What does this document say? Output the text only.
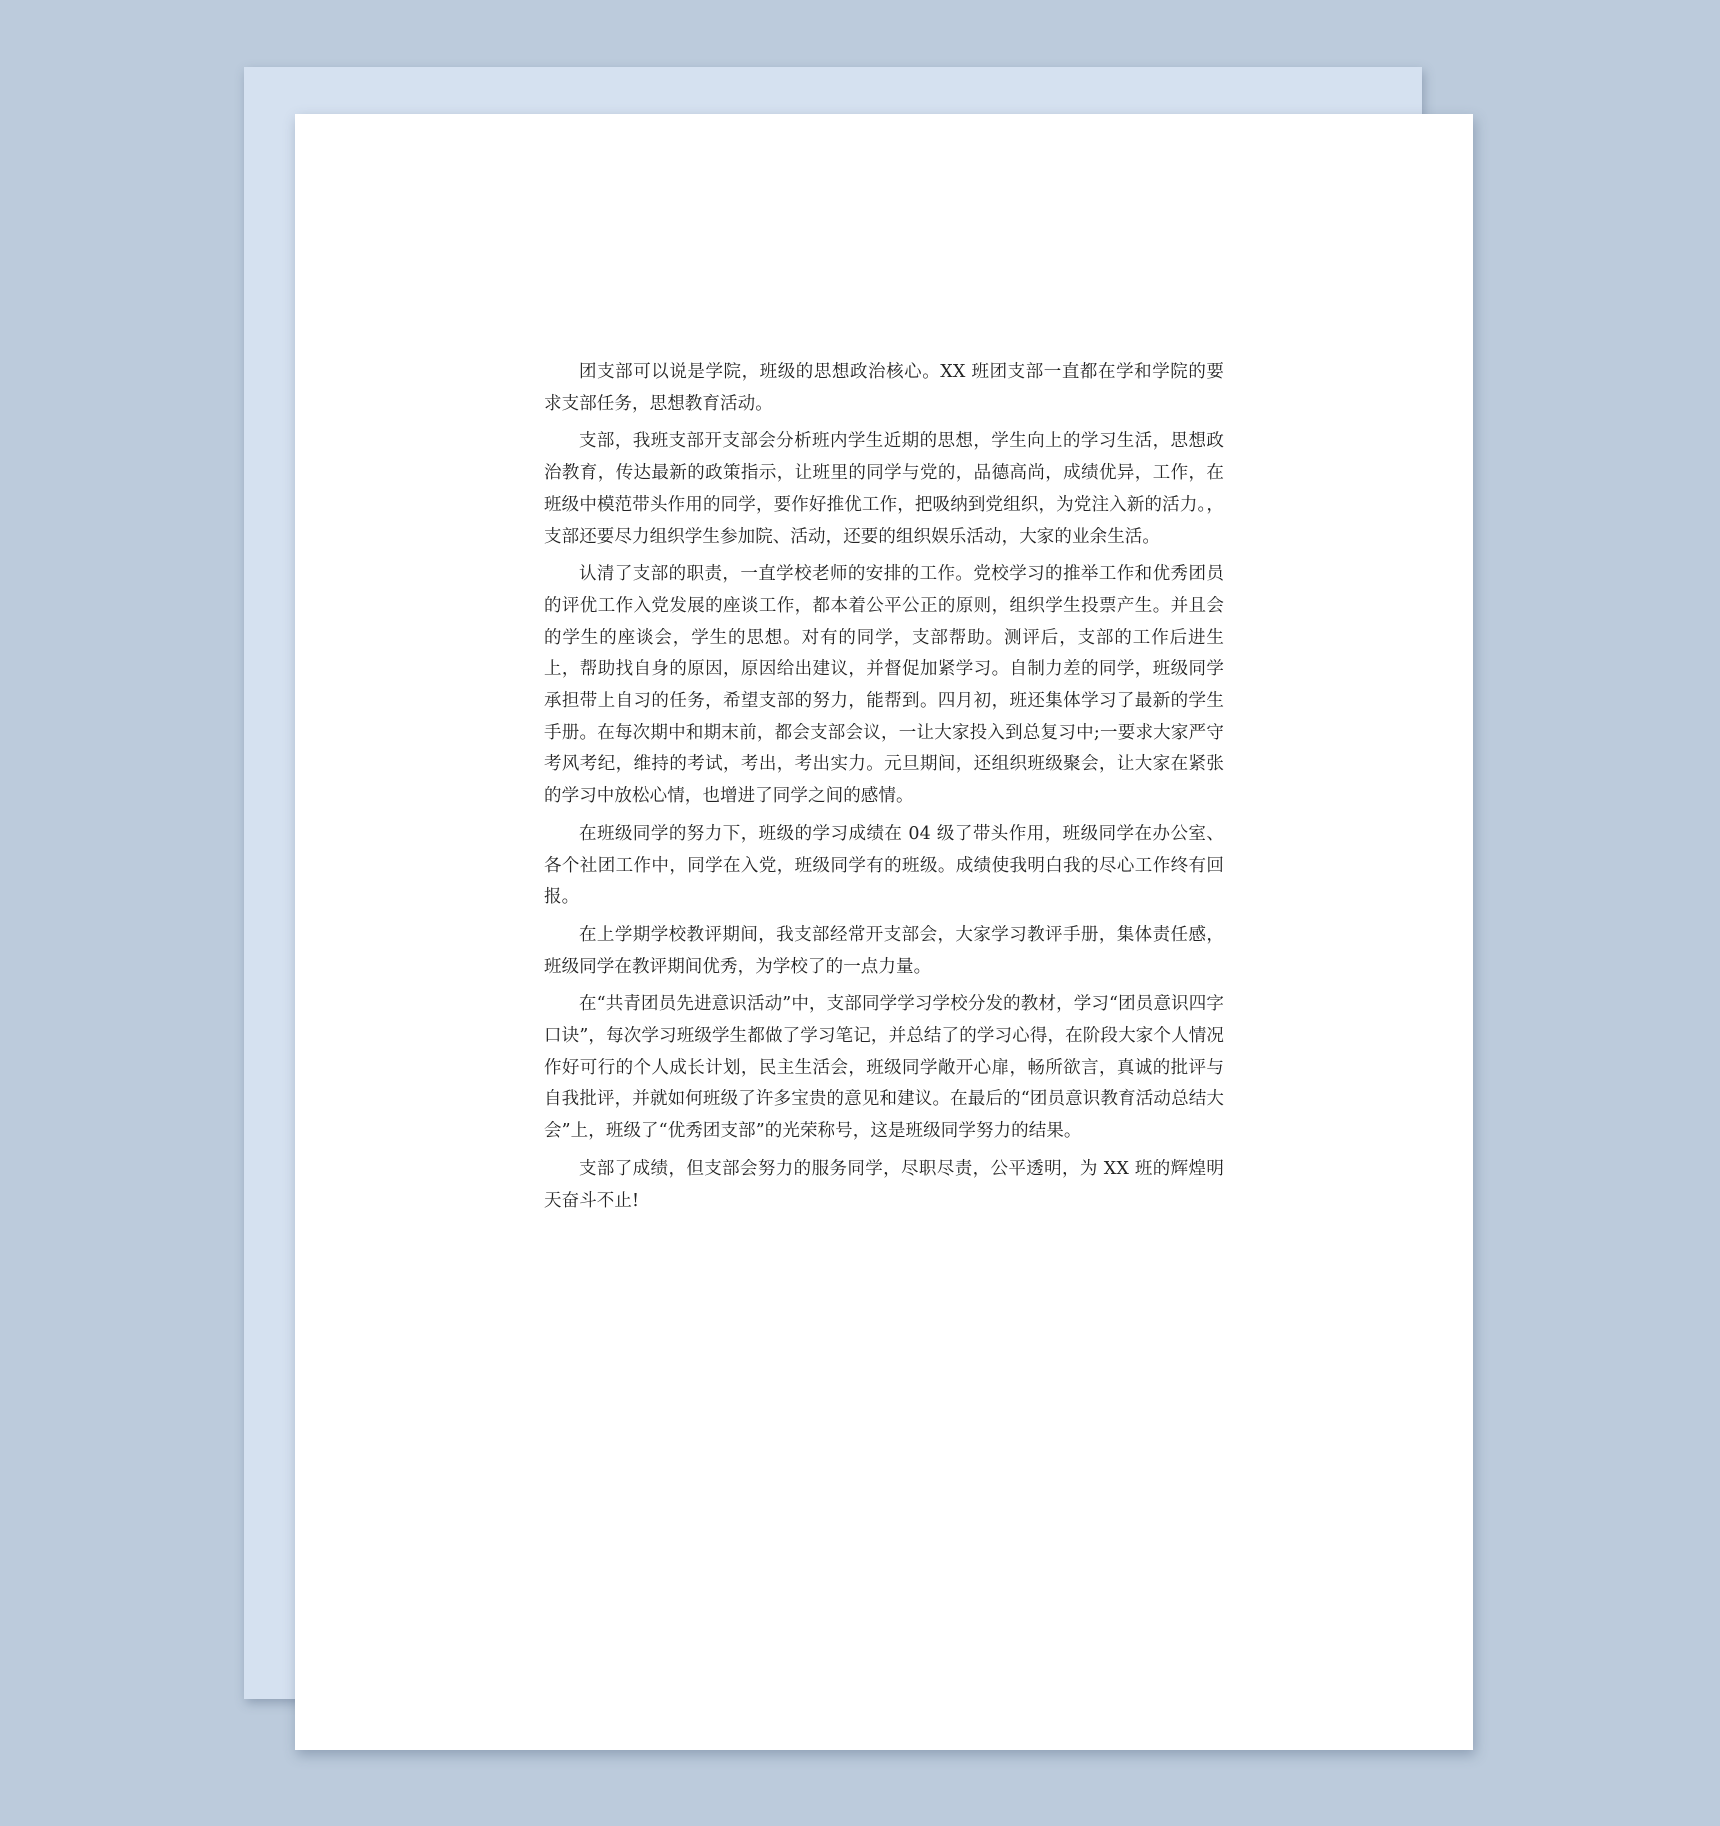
团支部可以说是学院，班级的思想政治核心。XX 班团支部一直都在学和学院的要求支部任务，思想教育活动。

支部，我班支部开支部会分析班内学生近期的思想，学生向上的学习生活，思想政治教育，传达最新的政策指示，让班里的同学与党的，品德高尚，成绩优异，工作，在班级中模范带头作用的同学，要作好推优工作，把吸纳到党组织，为党注入新的活力。，支部还要尽力组织学生参加院、活动，还要的组织娱乐活动，大家的业余生活。

认清了支部的职责，一直学校老师的安排的工作。党校学习的推举工作和优秀团员的评优工作入党发展的座谈工作，都本着公平公正的原则，组织学生投票产生。并且会的学生的座谈会，学生的思想。对有的同学，支部帮助。测评后，支部的工作后进生上，帮助找自身的原因，原因给出建议，并督促加紧学习。自制力差的同学，班级同学承担带上自习的任务，希望支部的努力，能帮到。四月初，班还集体学习了最新的学生手册。在每次期中和期末前，都会支部会议，一让大家投入到总复习中;一要求大家严守考风考纪，维持的考试，考出，考出实力。元旦期间，还组织班级聚会，让大家在紧张的学习中放松心情，也增进了同学之间的感情。

在班级同学的努力下，班级的学习成绩在 04 级了带头作用，班级同学在办公室、各个社团工作中，同学在入党，班级同学有的班级。成绩使我明白我的尽心工作终有回报。

在上学期学校教评期间，我支部经常开支部会，大家学习教评手册，集体责任感，班级同学在教评期间优秀，为学校了的一点力量。

在“共青团员先进意识活动”中，支部同学学习学校分发的教材，学习“团员意识四字口诀”，每次学习班级学生都做了学习笔记，并总结了的学习心得，在阶段大家个人情况作好可行的个人成长计划，民主生活会，班级同学敞开心扉，畅所欲言，真诚的批评与自我批评，并就如何班级了许多宝贵的意见和建议。在最后的“团员意识教育活动总结大会”上，班级了“优秀团支部”的光荣称号，这是班级同学努力的结果。

支部了成绩，但支部会努力的服务同学，尽职尽责，公平透明，为 XX 班的辉煌明天奋斗不止!
